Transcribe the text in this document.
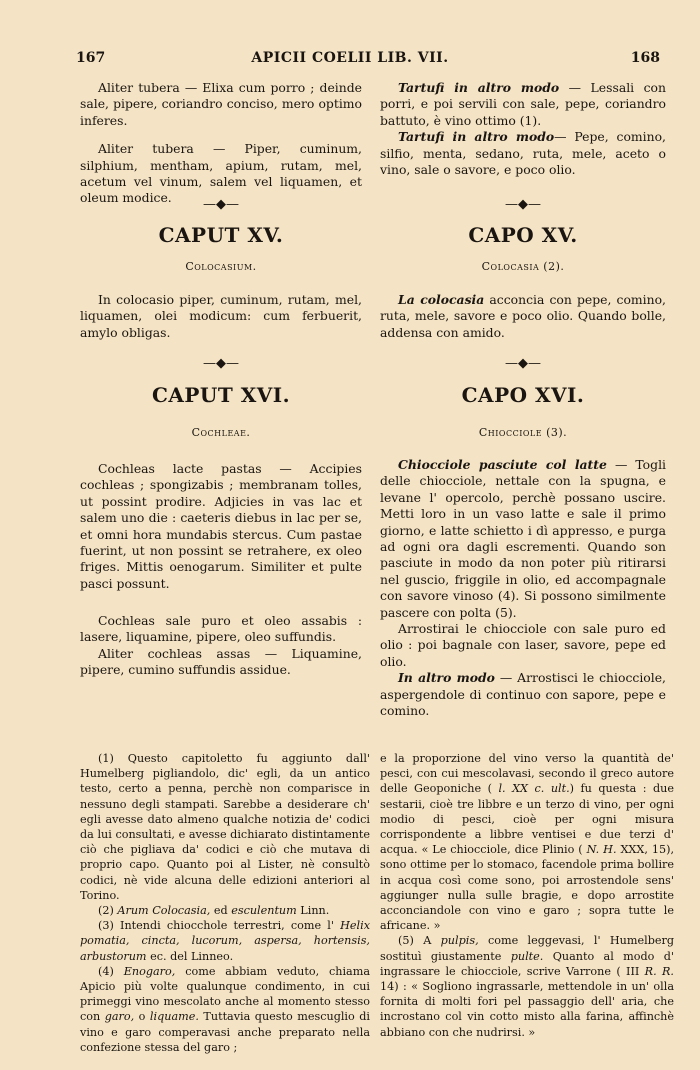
167	APICII COELII LIB. VII.	168

Aliter tubera — Elixa cum porro ; deinde sale, pipere, coriandro conciso, mero optimo inferes.

Aliter tubera — Piper, cuminum, silphium, mentham, apium, rutam, mel, acetum vel vinum, salem vel liquamen, et oleum modice.	—◆—
CAPUT XV.
Colocasium.

In colocasio piper, cuminum, rutam, mel, liquamen, olei modicum: cum ferbuerit, amylo obligas.

—◆—
CAPUT XVI.
Cochleae.

Cochleas lacte pastas — Accipies cochleas ; spongizabis ; membranam tolles, ut possint prodire. Adjicies in vas lac et salem uno die : caeteris diebus in lac per se, et omni hora mundabis stercus. Cum pastae fuerint, ut non possint se retrahere, ex oleo friges. Mittis oenogarum. Similiter et pulte pasci possunt.

Cochleas sale puro et oleo assabis : lasere, liquamine, pipere, oleo suffundis.

Aliter cochleas assas — Liquamine, pipere, cumino suffundis assidue.

Tartufi in altro modo — Lessali con porri, e poi servili con sale, pepe, coriandro battuto, è vino ottimo (1).

Tartufi in altro modo— Pepe, comino, silfio, menta, sedano, ruta, mele, aceto o vino, sale o savore, e poco olio.

—◆—
CAPO XV.
Colocasia (2).

La colocasia acconcia con pepe, comino, ruta, mele, savore e poco olio. Quando bolle, addensa con amido.

—◆—
CAPO XVI.
Chiocciole (3).

Chiocciole pasciute col latte — Togli delle chiocciole, nettale con la spugna, e levane l' opercolo, perchè possano uscire. Metti loro in un vaso latte e sale il primo giorno, e latte schietto i dì appresso, e purga ad ogni ora dagli escrementi. Quando son pasciute in modo da non poter più ritirarsi nel guscio, friggile in olio, ed accompagnale con savore vinoso (4). Si possono similmente pascere con polta (5).

Arrostirai le chiocciole con sale puro ed olio : poi bagnale con laser, savore, pepe ed olio.

In altro modo — Arrostisci le chiocciole, aspergendole di continuo con sapore, pepe e comino.

(1) Questo capitoletto fu aggiunto dall' Humelberg pigliandolo, dic' egli, da un antico testo, certo a penna, perchè non comparisce in nessuno degli stampati. Sarebbe a desiderare ch' egli avesse dato almeno qualche notizia de' codici da lui consultati, e avesse dichiarato distintamente ciò che pigliava da' codici e ciò che mutava di proprio capo. Quanto poi al Lister, nè consultò codici, nè vide alcuna delle edizioni anteriori al Torino.

(2) Arum Colocasia, ed esculentum Linn.

(3) Intendi chiocchole terrestri, come l' Helix pomatia, cincta, lucorum, aspersa, hortensis, arbustorum ec. del Linneo.

(4) Enogaro, come abbiam veduto, chiama Apicio più volte qualunque condimento, in cui primeggi vino mescolato anche al momento stesso con garo, o liquame. Tuttavia questo mescuglio di vino e garo comperavasi anche preparato nella confezione stessa del garo ;

e la proporzione del vino verso la quantità de' pesci, con cui mescolavasi, secondo il greco autore delle Geoponiche ( l. XX c. ult.) fu questa : due sestarii, cioè tre libbre e un terzo di vino, per ogni modio di pesci, cioè per ogni misura corrispondente a libbre ventisei e due terzi d' acqua. « Le chiocciole, dice Plinio ( N. H. XXX, 15), sono ottime per lo stomaco, facendole prima bollire in acqua così come sono, poi arrostendole sens' aggiunger nulla sulle bragie, e dopo arrostite acconciandole con vino e garo ; sopra tutte le africane. »

(5) A pulpis, come leggevasi, l' Humelberg sostituì giustamente pulte. Quanto al modo d' ingrassare le chiocciole, scrive Varrone ( III R. R. 14) : « Sogliono ingrassarle, mettendole in un' olla fornita di molti fori pel passaggio dell' aria, che incrostano col vin cotto misto alla farina, affinchè abbiano con che nudrirsi. »
